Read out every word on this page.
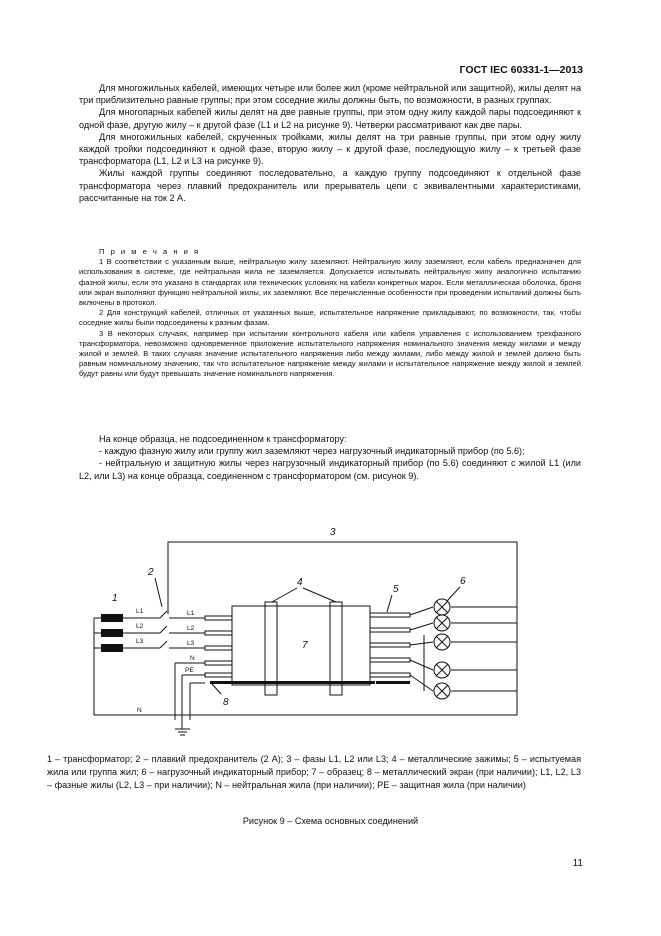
ГОСТ IEC 60331-1—2013

Для многожильных кабелей, имеющих четыре или более жил (кроме нейтральной или защитной), жилы делят на три приблизительно равные группы; при этом соседние жилы должны быть, по возможности, в разных группах.

Для многопарных кабелей жилы делят на две равные группы, при этом одну жилу каждой пары подсоединяют к одной фазе, другую жилу – к другой фазе (L1 и L2 на рисунке 9). Четверки рассматривают как две пары.

Для многожильных кабелей, скрученных тройками, жилы делят на три равные группы, при этом одну жилу каждой тройки подсоединяют к одной фазе, вторую жилу – к другой фазе, последующую жилу – к третьей фазе трансформатора (L1, L2 и L3 на рисунке 9).

Жилы каждой группы соединяют последовательно, а каждую группу подсоединяют к отдельной фазе трансформатора через плавкий предохранитель или прерыватель цепи с эквивалентными характеристиками, рассчитанные на ток 2 А.

П р и м е ч а н и я

1 В соответствии с указанным выше, нейтральную жилу заземляют. Нейтральную жилу заземляют, если кабель предназначен для использования в системе, где нейтральная жила не заземляется. Допускается испытывать нейтральную жилу аналогично испытанию фазной жилы, если это указано в стандартах или технических условиях на кабели конкретных марок. Если металлическая оболочка, броня или экран выполняют функцию нейтральной жилы, их заземляют. Все перечисленные особенности при проведении испытаний должны быть включены в протокол.

2 Для конструкций кабелей, отличных от указанных выше, испытательное напряжение прикладывают, по возможности, так, чтобы соседние жилы были подсоединены к разным фазам.

3 В некоторых случаях, например при испытании контрольного кабеля или кабеля управления с использованием трехфазного трансформатора, невозможно одновременное приложение испытательного напряжения номинального значения между жилами и между жилой и землей. В таких случаях значение испытательного напряжения либо между жилами, либо между жилой и землей должно быть равным номинальному значению, так что испытательное напряжение между жилами и испытательное напряжение между жилой и землей будут равны или будут превышать значение номинального напряжения.

На конце образца, не подсоединенном к трансформатору:

- каждую фазную жилу или группу жил заземляют через нагрузочный индикаторный прибор (по 5.6);

- нейтральную и защитную жилы через нагрузочный индикаторный прибор (по 5.6) соединяют с жилой L1 (или L2, или L3) на конце образца, соединенном с трансформатором (см. рисунок 9).

3
2
1
4
5
6
7
8
L1
L2
L3
L1
L2
L3
N
PE
N
1 – трансформатор; 2 – плавкий предохранитель (2 А); 3 – фазы L1, L2 или L3; 4 – металлические зажимы; 5 – испытуемая жила или группа жил; 6 – нагрузочный индикаторный прибор; 7 – образец; 8 – металлический экран (при наличии); L1, L2, L3 – фазные жилы (L2, L3 – при наличии); N – нейтральная жила (при наличии); PE – защитная жила (при наличии)
Рисунок 9 – Схема основных соединений
11
